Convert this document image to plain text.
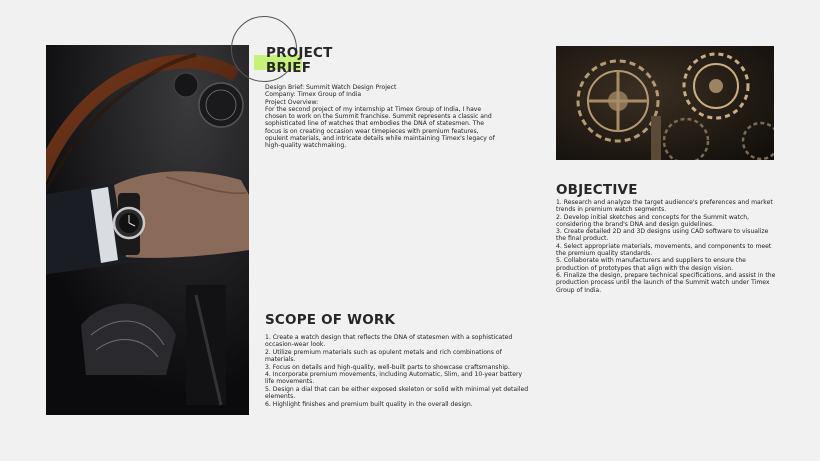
PROJECT
BRIEF
Design Brief: Summit Watch Design Project
Company: Timex Group of India
Project Overview:
For the second project of my internship at Timex Group of India, I have chosen to work on the Summit franchise. Summit represents a classic and sophisticated line of watches that embodies the DNA of statesmen. The focus is on creating occasion wear timepieces with premium features, opulent materials, and intricate details while maintaining Timex's legacy of high-quality watchmaking.
OBJECTIVE
1. Research and analyze the target audience's preferences and market trends in premium watch segments.
2. Develop initial sketches and concepts for the Summit watch, considering the brand's DNA and design guidelines.
3. Create detailed 2D and 3D designs using CAD software to visualize the final product.
4. Select appropriate materials, movements, and components to meet the premium quality standards.
5. Collaborate with manufacturers and suppliers to ensure the production of prototypes that align with the design vision.
6. Finalize the design, prepare technical specifications, and assist in the production process until the launch of the Summit watch under Timex Group of India.
SCOPE OF WORK
1. Create a watch design that reflects the DNA of statesmen with a sophisticated occasion-wear look.
2. Utilize premium materials such as opulent metals and rich combinations of materials.
3. Focus on details and high-quality, well-built parts to showcase craftsmanship.
4. Incorporate premium movements, including Automatic, Slim, and 10-year battery life movements.
5. Design a dial that can be either exposed skeleton or solid with minimal yet detailed elements.
6. Highlight finishes and premium built quality in the overall design.
